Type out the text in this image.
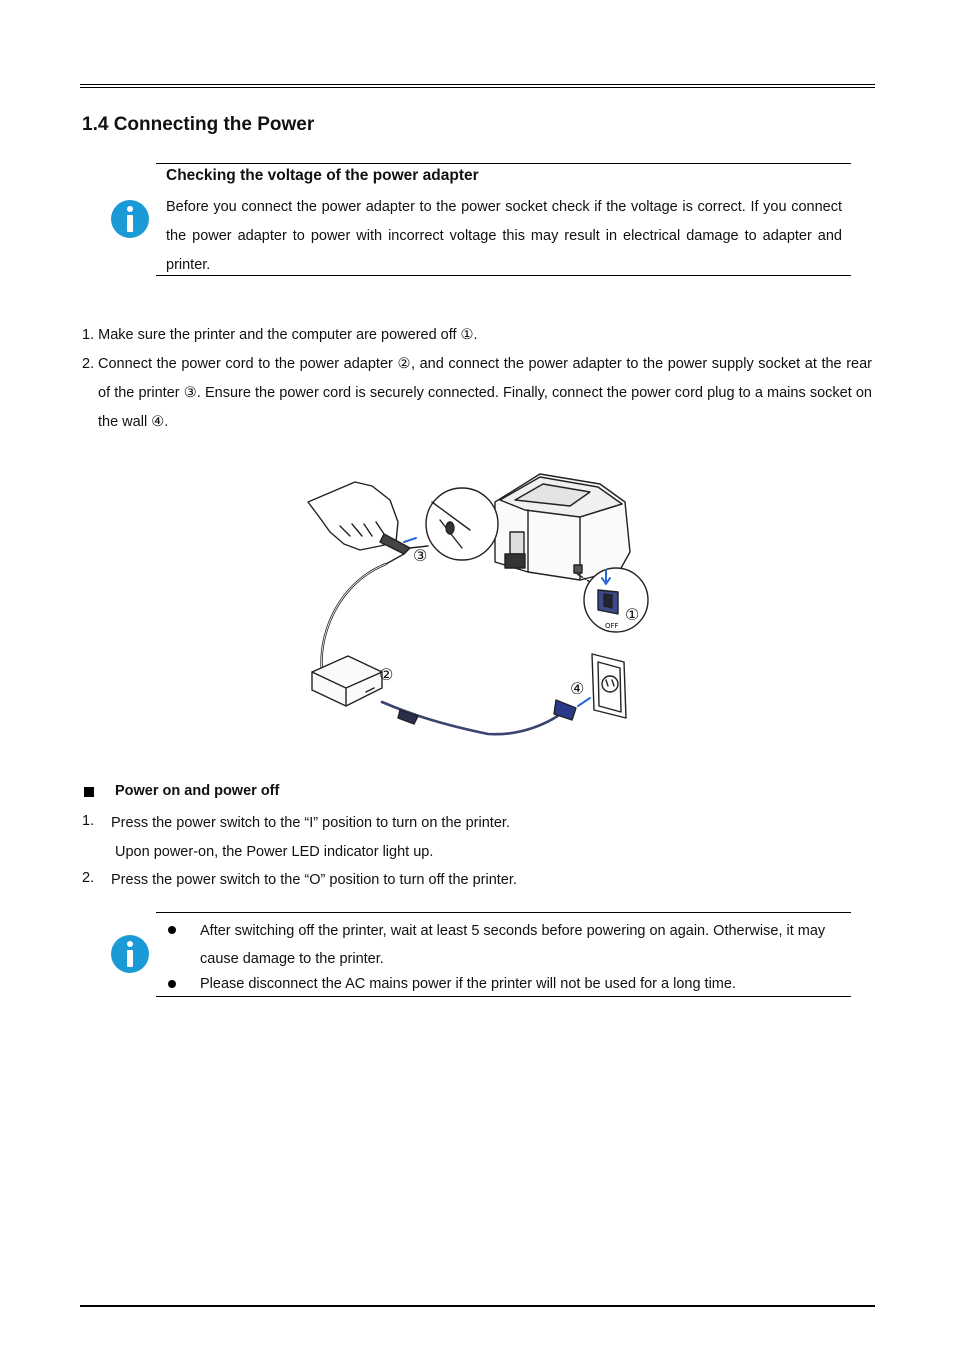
1.4 Connecting the Power
Checking the voltage of the power adapter
Before you connect the power adapter to the power socket check if the voltage is correct. If you connect the power adapter to power with incorrect voltage this may result in electrical damage to adapter and printer.
1. Make sure the printer and the computer are powered off ①.
2. Connect the power cord to the power adapter ②, and connect the power adapter to the power supply socket at the rear of the printer ③. Ensure the power cord is securely connected. Finally, connect the power cord plug to a mains socket on the wall ④.
①
②
③
④
OFF
Power on and power off
1. Press the power switch to the “I” position to turn on the printer.
Upon power-on, the Power LED indicator light up.
2. Press the power switch to the “O” position to turn off the printer.
After switching off the printer, wait at least 5 seconds before powering on again. Otherwise, it may cause damage to the printer.
Please disconnect the AC mains power if the printer will not be used for a long time.
